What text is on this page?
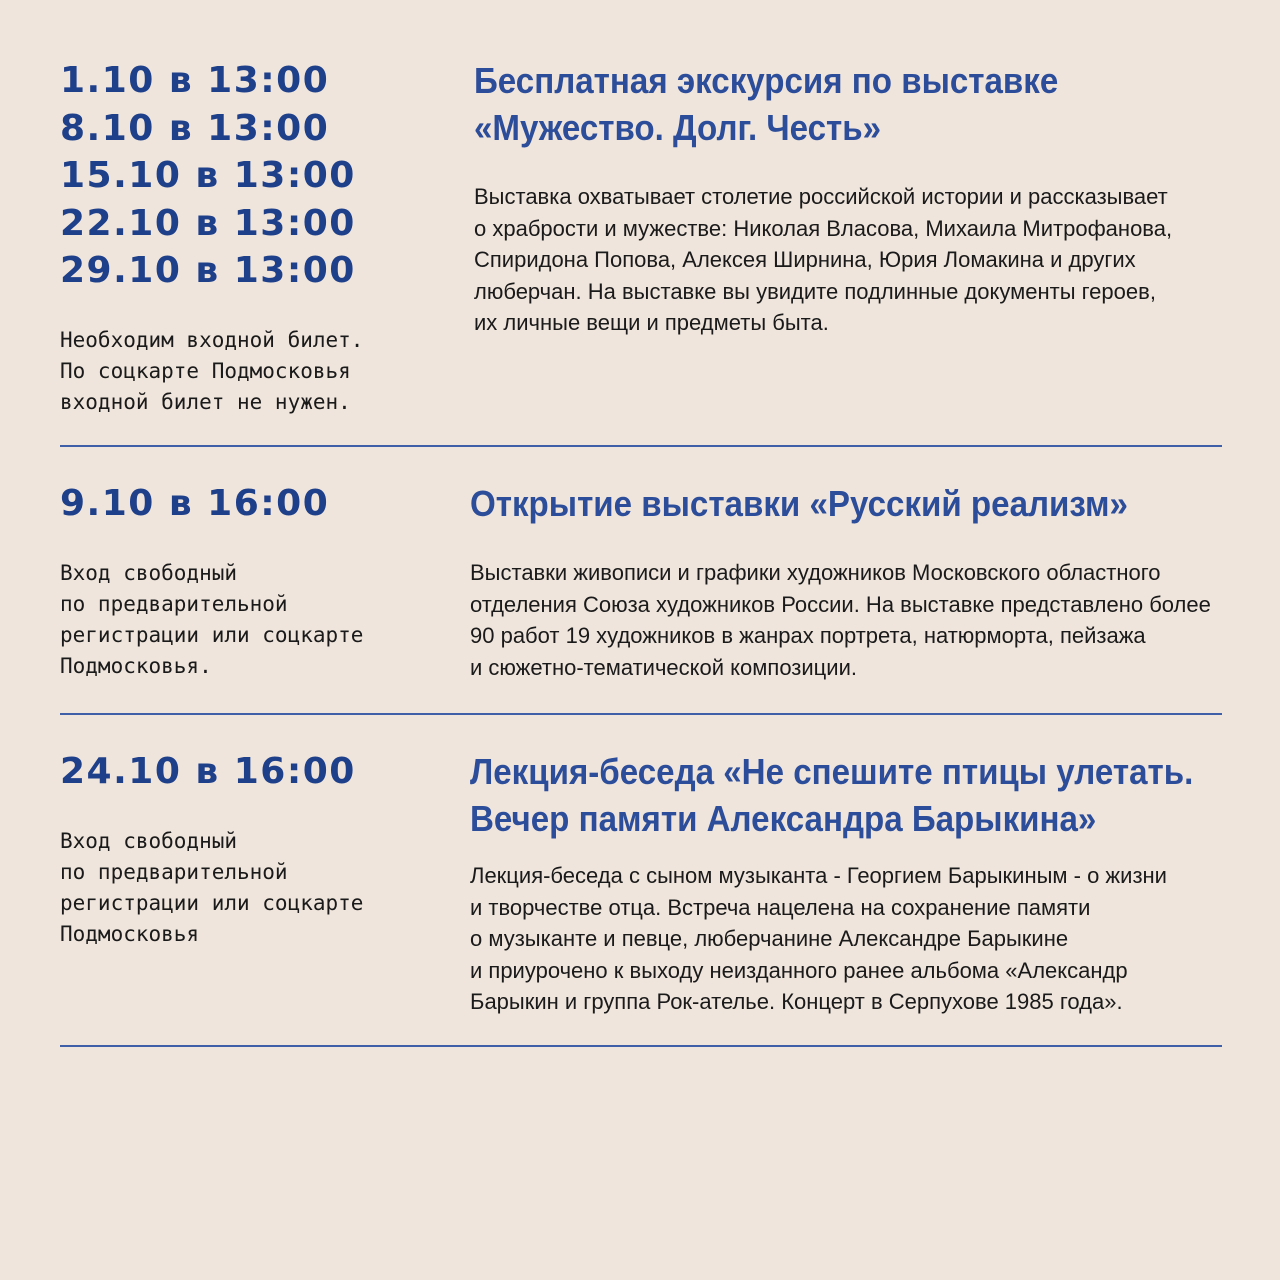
1.10 в 13:00
8.10 в 13:00
15.10 в 13:00
22.10 в 13:00
29.10 в 13:00
Необходим входной билет.
По соцкарте Подмосковья
входной билет не нужен.
Бесплатная экскурсия по выставке
«Мужество. Долг. Честь»
Выставка охватывает столетие российской истории и рассказывает
о храбрости и мужестве: Николая Власова, Михаила Митрофанова,
Спиридона Попова, Алексея Ширнина, Юрия Ломакина и других
люберчан. На выставке вы увидите подлинные документы героев,
их личные вещи и предметы быта.
9.10 в 16:00
Вход свободный
по предварительной
регистрации или соцкарте
Подмосковья.
Открытие выставки «Русский реализм»
Выставки живописи и графики художников Московского областного
отделения Союза художников России. На выставке представлено более
90 работ 19 художников в жанрах портрета, натюрморта, пейзажа
и сюжетно-тематической композиции.
24.10 в 16:00
Вход свободный
по предварительной
регистрации или соцкарте
Подмосковья
Лекция-беседа «Не спешите птицы улетать.
Вечер памяти Александра Барыкина»
Лекция-беседа с сыном музыканта - Георгием Барыкиным - о жизни
и творчестве отца. Встреча нацелена на сохранение памяти
о музыканте и певце, люберчанине Александре Барыкине
и приурочено к выходу неизданного ранее альбома «Александр
Барыкин и группа Рок-ателье. Концерт в Серпухове 1985 года».
